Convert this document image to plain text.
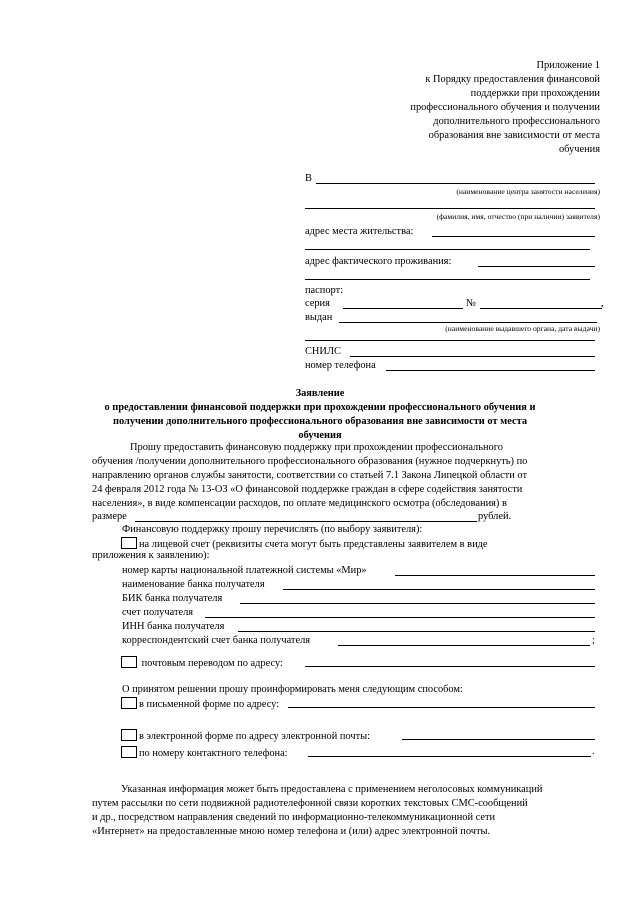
Приложение 1
к Порядку предоставления финансовой
поддержки при прохождении
профессионального обучения и получении
дополнительного профессионального
образования вне зависимости от места
обучения
В
(наименование центра занятости населения)
(фамилия, имя, отчество (при наличии) заявителя)
адрес места жительства:
адрес фактического проживания:
паспорт:
серия	№	,
выдан
(наименование выдавшего органа, дата выдачи)
СНИЛС
номер телефона
Заявление
о предоставлении финансовой поддержки при прохождении профессионального обучения и
получении дополнительного профессионального образования вне зависимости от места
обучения
Прошу предоставить финансовую поддержку при прохождении профессионального
обучения /получении дополнительного профессионального образования (нужное подчеркнуть) по
направлению органов службы занятости, соответствии со статьей 7.1 Закона Липецкой области от
24 февраля 2012 года № 13-ОЗ «О финансовой поддержке граждан в сфере содействия занятости
населения», в виде компенсации расходов, по оплате медицинского осмотра (обследования) в
размере	рублей.
Финансовую поддержку прошу перечислять (по выбору заявителя):
на лицевой счет (реквизиты счета могут быть представлены заявителем в виде
приложения к заявлению):
номер карты национальной платежной системы «Мир»
наименование банка получателя
БИК банка получателя
счет получателя
ИНН банка получателя
корреспондентский счет банка получателя	;
почтовым переводом по адресу:
О принятом решении прошу проинформировать меня следующим способом:
в письменной форме по адресу:
в электронной форме по адресу электронной почты:
по номеру контактного телефона:	.
Указанная информация может быть предоставлена с применением неголосовых коммуникаций
путем рассылки по сети подвижной радиотелефонной связи коротких текстовых СМС-сообщений
и др., посредством направления сведений по информационно-телекоммуникационной сети
«Интернет» на предоставленные мною номер телефона и (или) адрес электронной почты.
